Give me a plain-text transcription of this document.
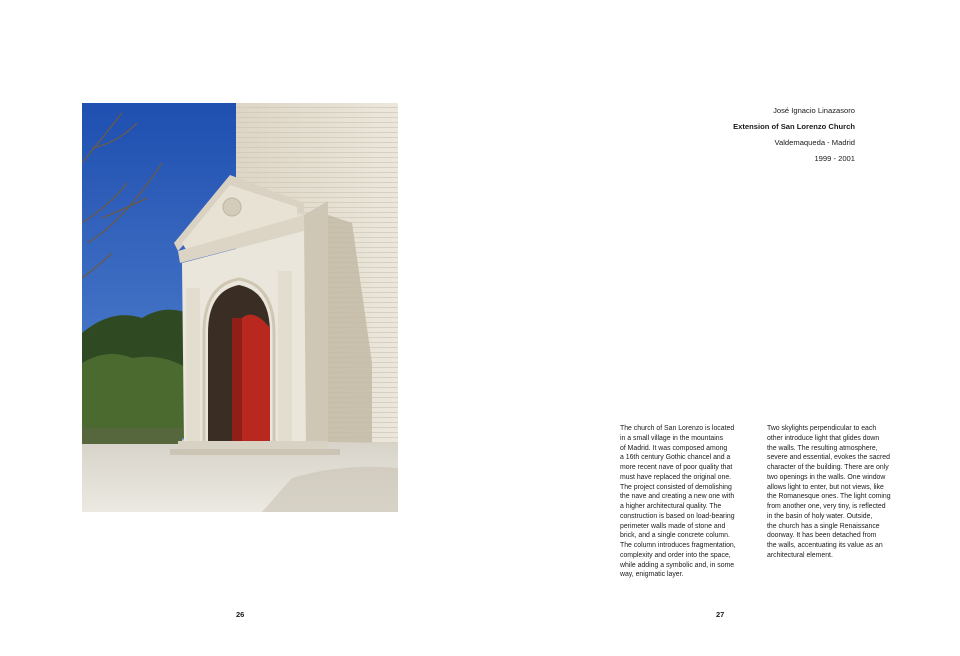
26
José Ignacio Linazasoro
Extension of San Lorenzo Church
Valdemaqueda - Madrid
1999 - 2001
The church of San Lorenzo is located
in a small village in the mountains
of Madrid. It was composed among
a 16th century Gothic chancel and a
more recent nave of poor quality that
must have replaced the original one.
The project consisted of demolishing
the nave and creating a new one with
a higher architectural quality. The
construction is based on load-bearing
perimeter walls made of stone and
brick, and a single concrete column.
The column introduces fragmentation,
complexity and order into the space,
while adding a symbolic and, in some
way, enigmatic layer.
Two skylights perpendicular to each
other introduce light that glides down
the walls. The resulting atmosphere,
severe and essential, evokes the sacred
character of the building. There are only
two openings in the walls. One window
allows light to enter, but not views, like
the Romanesque ones. The light coming
from another one, very tiny, is reflected
in the basin of holy water. Outside,
the church has a single Renaissance
doorway. It has been detached from
the walls, accentuating its value as an
architectural element.
27
